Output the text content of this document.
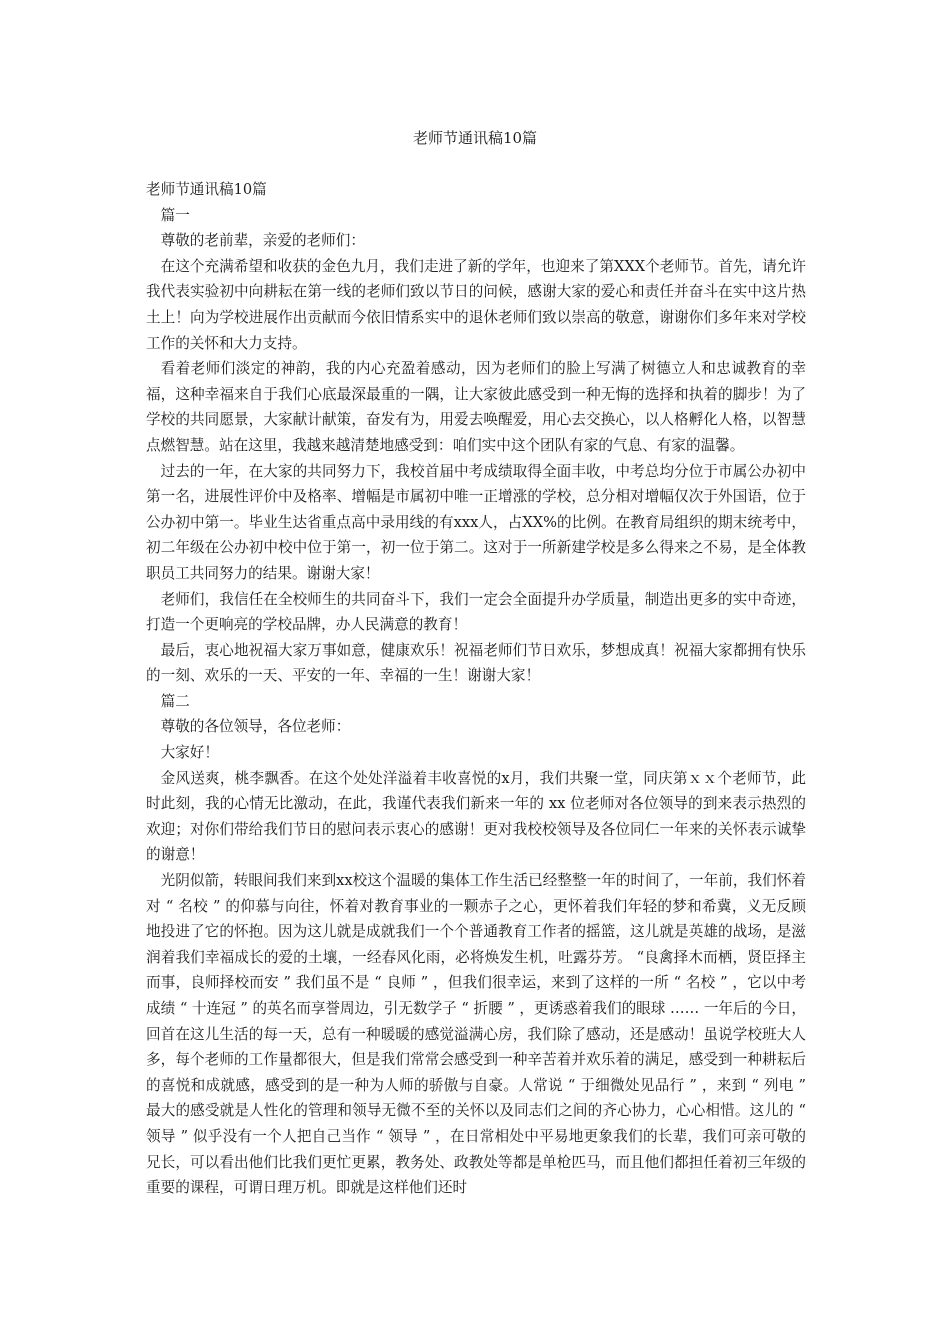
老师节通讯稿10篇

老师节通讯稿10篇

篇一

尊敬的老前辈，亲爱的老师们：

在这个充满希望和收获的金色九月，我们走进了新的学年，也迎来了第XXX个老师节。首先，请允许我代表实验初中向耕耘在第一线的老师们致以节日的问候，感谢大家的爱心和责任并奋斗在实中这片热土上！向为学校进展作出贡献而今依旧情系实中的退休老师们致以崇高的敬意，谢谢你们多年来对学校工作的关怀和大力支持。

看着老师们淡定的神韵，我的内心充盈着感动，因为老师们的脸上写满了树德立人和忠诚教育的幸福，这种幸福来自于我们心底最深最重的一隅，让大家彼此感受到一种无悔的选择和执着的脚步！为了学校的共同愿景，大家献计献策，奋发有为，用爱去唤醒爱，用心去交换心，以人格孵化人格，以智慧点燃智慧。站在这里，我越来越清楚地感受到：咱们实中这个团队有家的气息、有家的温馨。

过去的一年，在大家的共同努力下，我校首届中考成绩取得全面丰收，中考总均分位于市属公办初中第一名，进展性评价中及格率、增幅是市属初中唯一正增涨的学校，总分相对增幅仅次于外国语，位于公办初中第一。毕业生达省重点高中录用线的有xxx人，占XX%的比例。在教育局组织的期末统考中，初二年级在公办初中校中位于第一，初一位于第二。这对于一所新建学校是多么得来之不易，是全体教职员工共同努力的结果。谢谢大家！

老师们，我信任在全校师生的共同奋斗下，我们一定会全面提升办学质量，制造出更多的实中奇迹，打造一个更响亮的学校品牌，办人民满意的教育！

最后，衷心地祝福大家万事如意，健康欢乐！祝福老师们节日欢乐，梦想成真！祝福大家都拥有快乐的一刻、欢乐的一天、平安的一年、幸福的一生！谢谢大家！

篇二

尊敬的各位领导，各位老师：

大家好！

金风送爽，桃李飘香。在这个处处洋溢着丰收喜悦的x月，我们共聚一堂，同庆第ｘｘ个老师节，此时此刻，我的心情无比激动，在此，我谨代表我们新来一年的 xx 位老师对各位领导的到来表示热烈的欢迎；对你们带给我们节日的慰问表示衷心的感谢！更对我校校领导及各位同仁一年来的关怀表示诚挚的谢意！

光阴似箭，转眼间我们来到xx校这个温暖的集体工作生活已经整整一年的时间了，一年前，我们怀着对 “ 名校 ” 的仰慕与向往，怀着对教育事业的一颗赤子之心，更怀着我们年轻的梦和希冀，义无反顾地投进了它的怀抱。因为这儿就是成就我们一个个普通教育工作者的摇篮，这儿就是英雄的战场，是滋润着我们幸福成长的爱的土壤，一经春风化雨，必将焕发生机，吐露芬芳。 “良禽择木而栖，贤臣择主而事，良师择校而安 ” 我们虽不是 “ 良师 ” ，但我们很幸运，来到了这样的一所 “ 名校 ” ，它以中考成绩 “ 十连冠 ” 的英名而享誉周边，引无数学子 “ 折腰 ” ，更诱惑着我们的眼球 …… 一年后的今日，回首在这儿生活的每一天，总有一种暖暖的感觉溢满心房，我们除了感动，还是感动！虽说学校班大人多，每个老师的工作量都很大，但是我们常常会感受到一种辛苦着并欢乐着的满足，感受到一种耕耘后的喜悦和成就感，感受到的是一种为人师的骄傲与自豪。人常说 “ 于细微处见品行 ” ，来到 “ 列电 ” 最大的感受就是人性化的管理和领导无微不至的关怀以及同志们之间的齐心协力，心心相惜。这儿的 “ 领导 ” 似乎没有一个人把自己当作 “ 领导 ” ，在日常相处中平易地更象我们的长辈，我们可亲可敬的兄长，可以看出他们比我们更忙更累，教务处、政教处等都是单枪匹马，而且他们都担任着初三年级的重要的课程，可谓日理万机。即就是这样他们还时
